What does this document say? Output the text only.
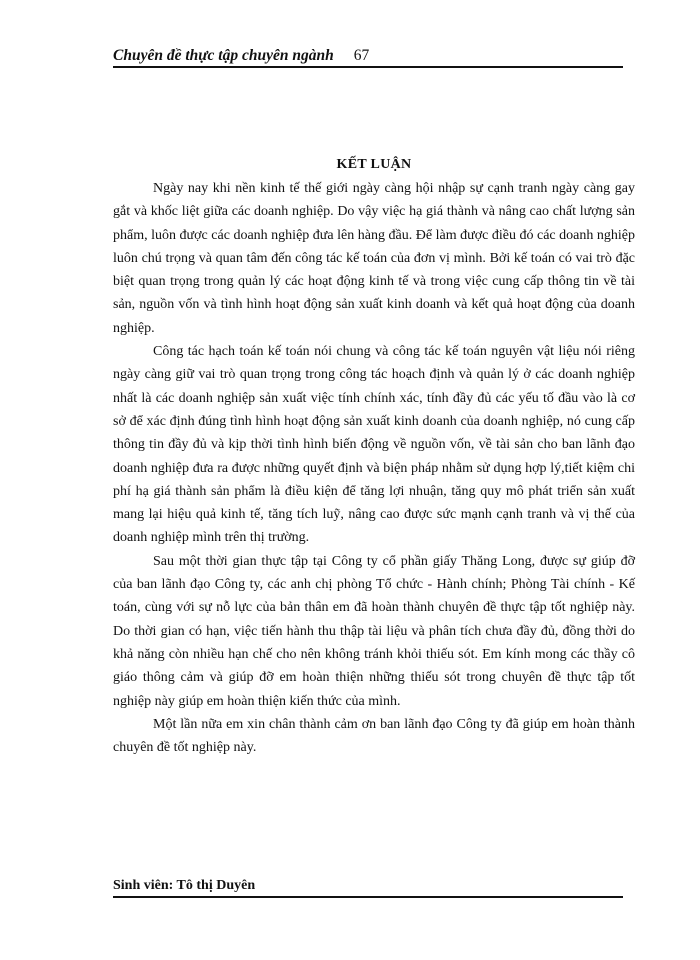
Chuyên đề thực tập chuyên ngành 67
KẾT LUẬN

Ngày nay khi nền kinh tế thế giới ngày càng hội nhập sự cạnh tranh ngày càng gay gắt và khốc liệt giữa các doanh nghiệp. Do vậy việc hạ giá thành và nâng cao chất lượng sản phẩm, luôn được các doanh nghiệp đưa lên hàng đầu. Để làm được điều đó các doanh nghiệp luôn chú trọng và quan tâm đến công tác kế toán của đơn vị mình. Bởi kế toán có vai trò đặc biệt quan trọng trong quản lý các hoạt động kinh tế và trong việc cung cấp thông tin về tài sản, nguồn vốn và tình hình hoạt động sản xuất kinh doanh và kết quả hoạt động của doanh nghiệp.

Công tác hạch toán kế toán nói chung và công tác kế toán nguyên vật liệu nói riêng ngày càng giữ vai trò quan trọng trong công tác hoạch định và quản lý ở các doanh nghiệp nhất là các doanh nghiệp sản xuất việc tính chính xác, tính đầy đủ các yếu tố đầu vào là cơ sở để xác định đúng tình hình hoạt động sản xuất kinh doanh của doanh nghiệp, nó cung cấp thông tin đầy đủ và kịp thời tình hình biến động về nguồn vốn, về tài sản cho ban lãnh đạo doanh nghiệp đưa ra được những quyết định và biện pháp nhằm sử dụng hợp lý,tiết kiệm chi phí hạ giá thành sản phẩm là điều kiện để tăng lợi nhuận, tăng quy mô phát triển sản xuất mang lại hiệu quả kinh tế, tăng tích luỹ, nâng cao được sức mạnh cạnh tranh và vị thế của doanh nghiệp mình trên thị trường.

Sau một thời gian thực tập tại Công ty cổ phần giấy Thăng Long, được sự giúp đỡ của ban lãnh đạo Công ty, các anh chị phòng Tổ chức - Hành chính; Phòng Tài chính - Kế toán, cùng với sự nỗ lực của bản thân em đã hoàn thành chuyên đề thực tập tốt nghiệp này. Do thời gian có hạn, việc tiến hành thu thập tài liệu và phân tích chưa đầy đủ, đồng thời do khả năng còn nhiều hạn chế cho nên không tránh khỏi thiếu sót. Em kính mong các thầy cô giáo thông cảm và giúp đỡ em hoàn thiện những thiếu sót trong chuyên đề thực tập tốt nghiệp này giúp em hoàn thiện kiến thức của mình.

Một lần nữa em xin chân thành cảm ơn ban lãnh đạo Công ty đã giúp em hoàn thành chuyên đề tốt nghiệp này.

Sinh viên: Tô thị Duyên
